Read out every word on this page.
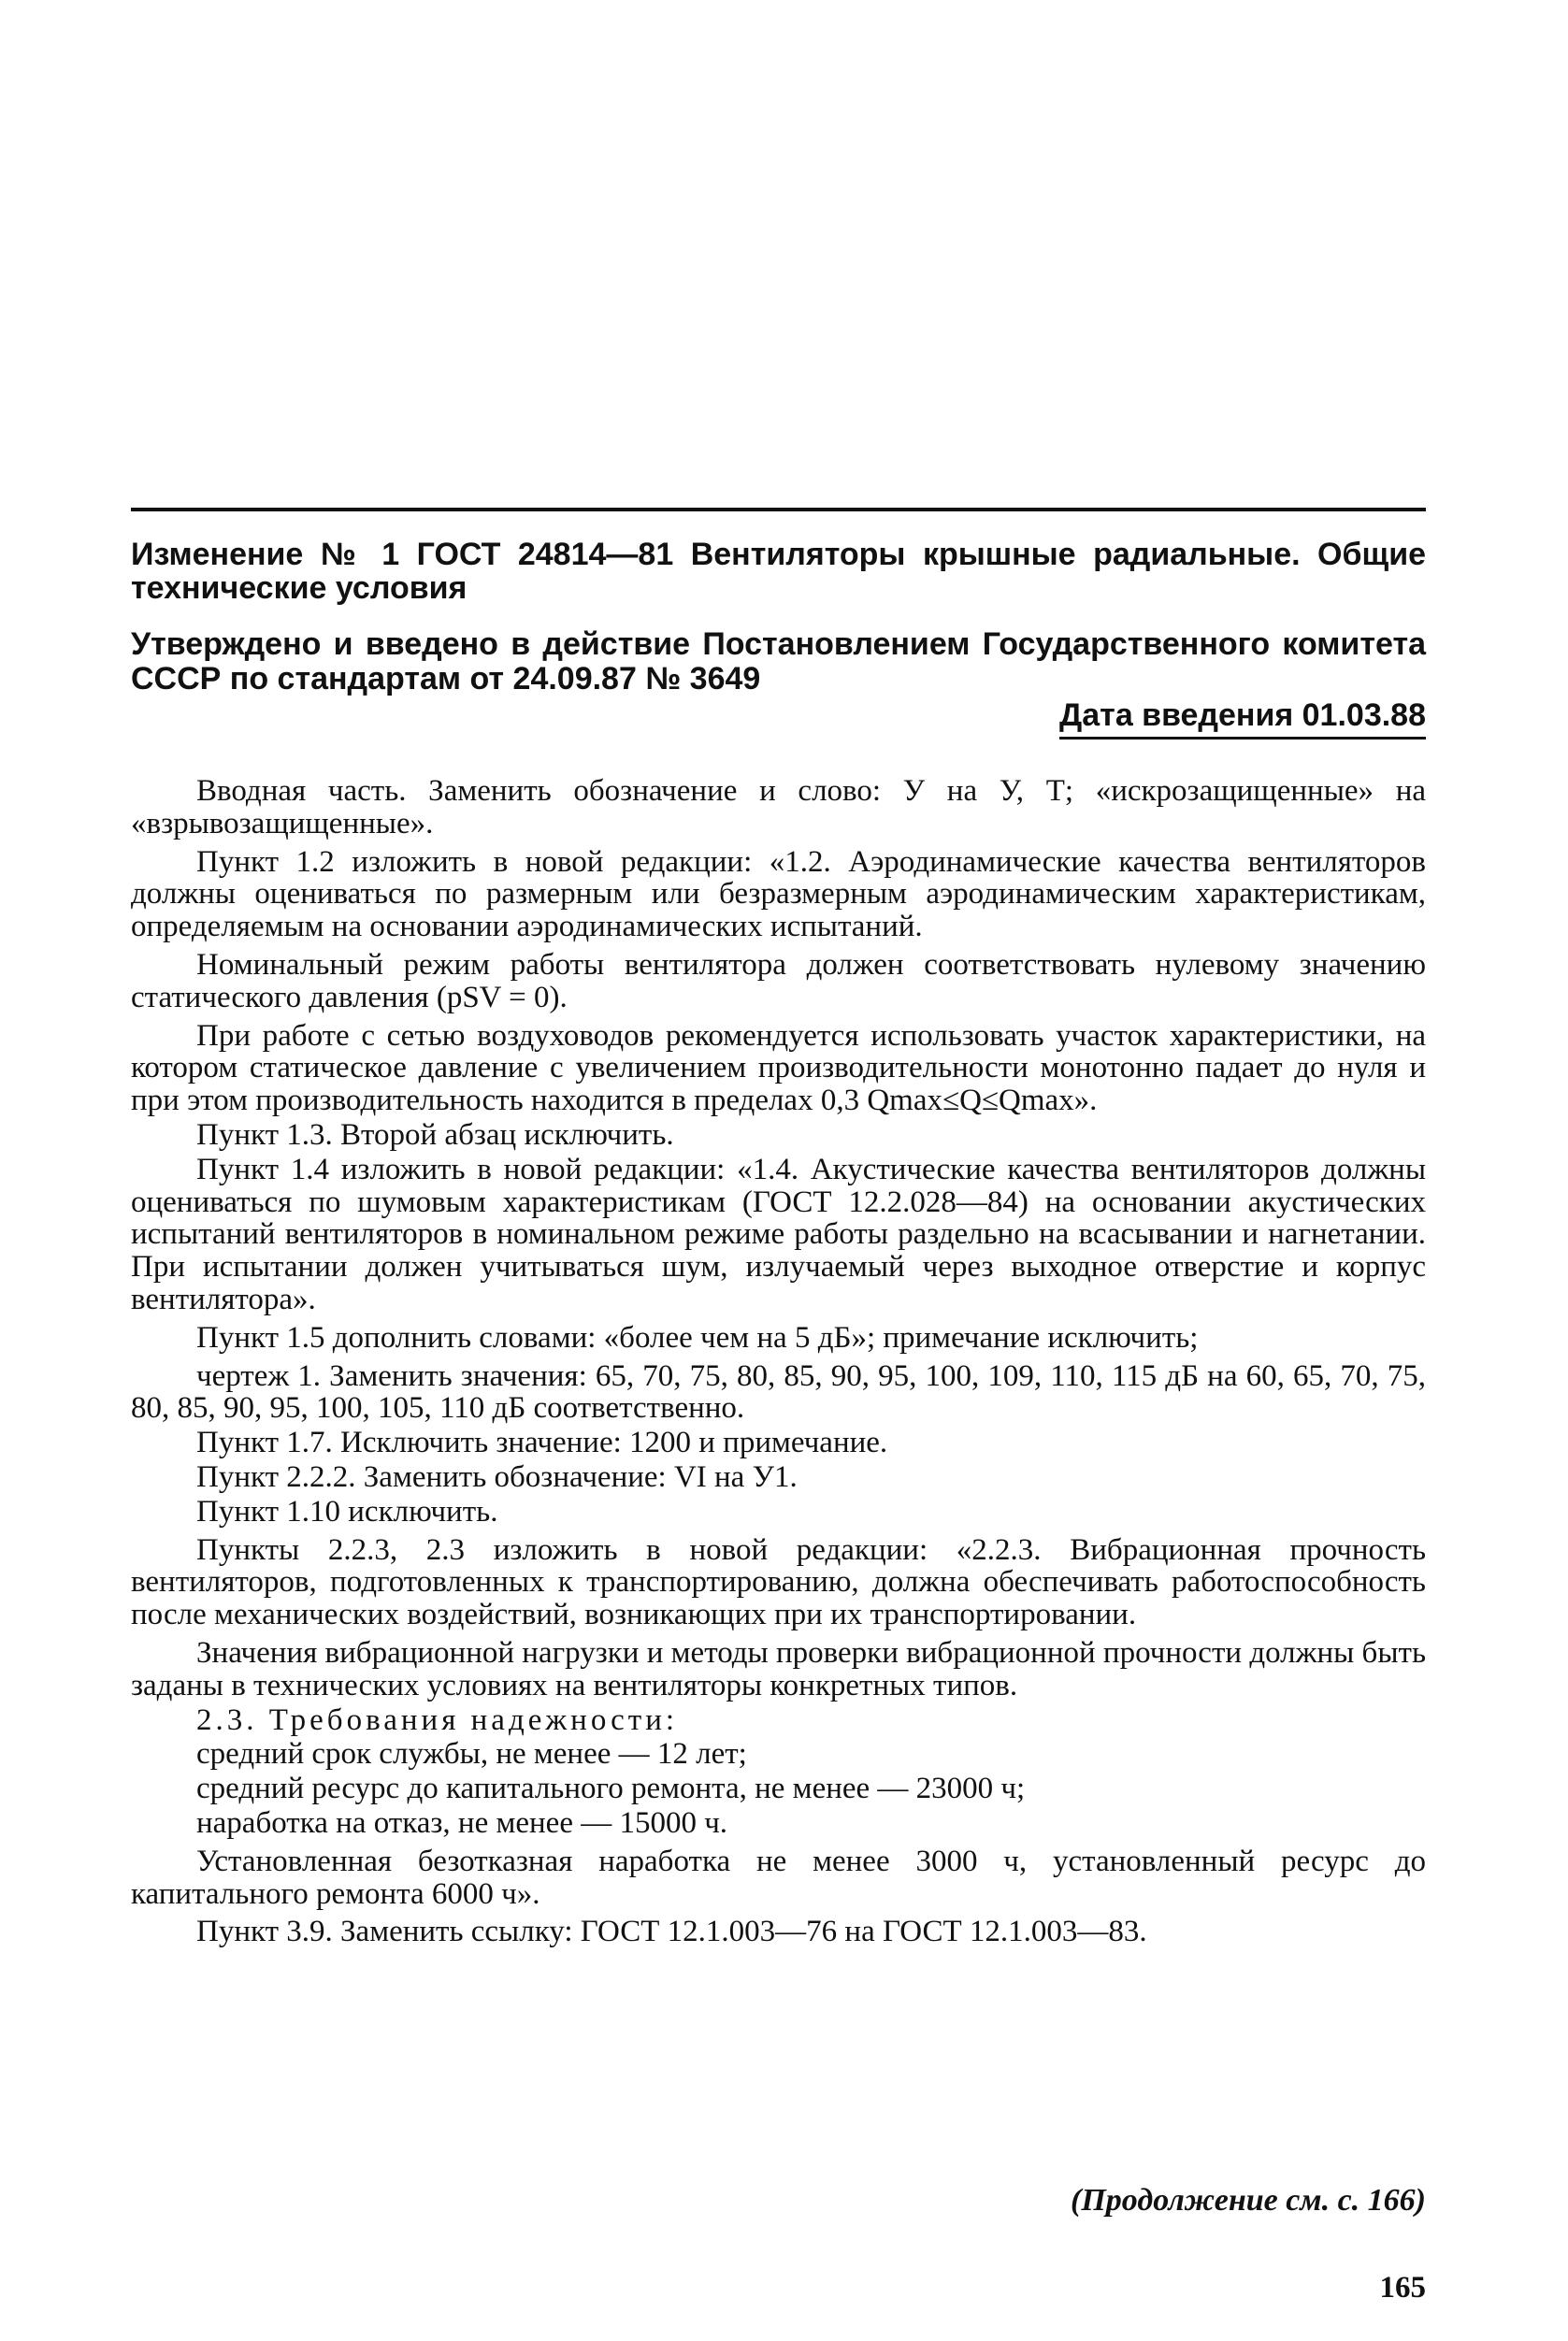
Изменение № 1 ГОСТ 24814—81 Вентиляторы крышные радиальные. Общие технические условия

Утверждено и введено в действие Постановлением Государственного комитета СССР по стандартам от 24.09.87 № 3649

Дата введения 01.03.88

Вводная часть. Заменить обозначение и слово: У на У, Т; «искрозащищенные» на «взрывозащищенные».

Пункт 1.2 изложить в новой редакции: «1.2. Аэродинамические качества вентиляторов должны оцениваться по размерным или безразмерным аэродинамическим характеристикам, определяемым на основании аэродинамических испытаний.

Номинальный режим работы вентилятора должен соответствовать нулевому значению статического давления (pSV = 0).

При работе с сетью воздуховодов рекомендуется использовать участок характеристики, на котором статическое давление с увеличением производительности монотонно падает до нуля и при этом производительность находится в пределах 0,3 Qmax≤Q≤Qmax».

Пункт 1.3. Второй абзац исключить.

Пункт 1.4 изложить в новой редакции: «1.4. Акустические качества вентиляторов должны оцениваться по шумовым характеристикам (ГОСТ 12.2.028—84) на основании акустических испытаний вентиляторов в номинальном режиме работы раздельно на всасывании и нагнетании. При испытании должен учитываться шум, излучаемый через выходное отверстие и корпус вентилятора».

Пункт 1.5 дополнить словами: «более чем на 5 дБ»; примечание исключить;

чертеж 1. Заменить значения: 65, 70, 75, 80, 85, 90, 95, 100, 109, 110, 115 дБ на 60, 65, 70, 75, 80, 85, 90, 95, 100, 105, 110 дБ соответственно.

Пункт 1.7. Исключить значение: 1200 и примечание.

Пункт 2.2.2. Заменить обозначение: VI на У1.

Пункт 1.10 исключить.

Пункты 2.2.3, 2.3 изложить в новой редакции: «2.2.3. Вибрационная прочность вентиляторов, подготовленных к транспортированию, должна обеспечивать работоспособность после механических воздействий, возникающих при их транспортировании.

Значения вибрационной нагрузки и методы проверки вибрационной прочности должны быть заданы в технических условиях на вентиляторы конкретных типов.

2.3. Требования надежности:

средний срок службы, не менее — 12 лет;

средний ресурс до капитального ремонта, не менее — 23000 ч;

наработка на отказ, не менее — 15000 ч.

Установленная безотказная наработка не менее 3000 ч, установленный ресурс до капитального ремонта 6000 ч».

Пункт 3.9. Заменить ссылку: ГОСТ 12.1.003—76 на ГОСТ 12.1.003—83.

(Продолжение см. с. 166)
165
